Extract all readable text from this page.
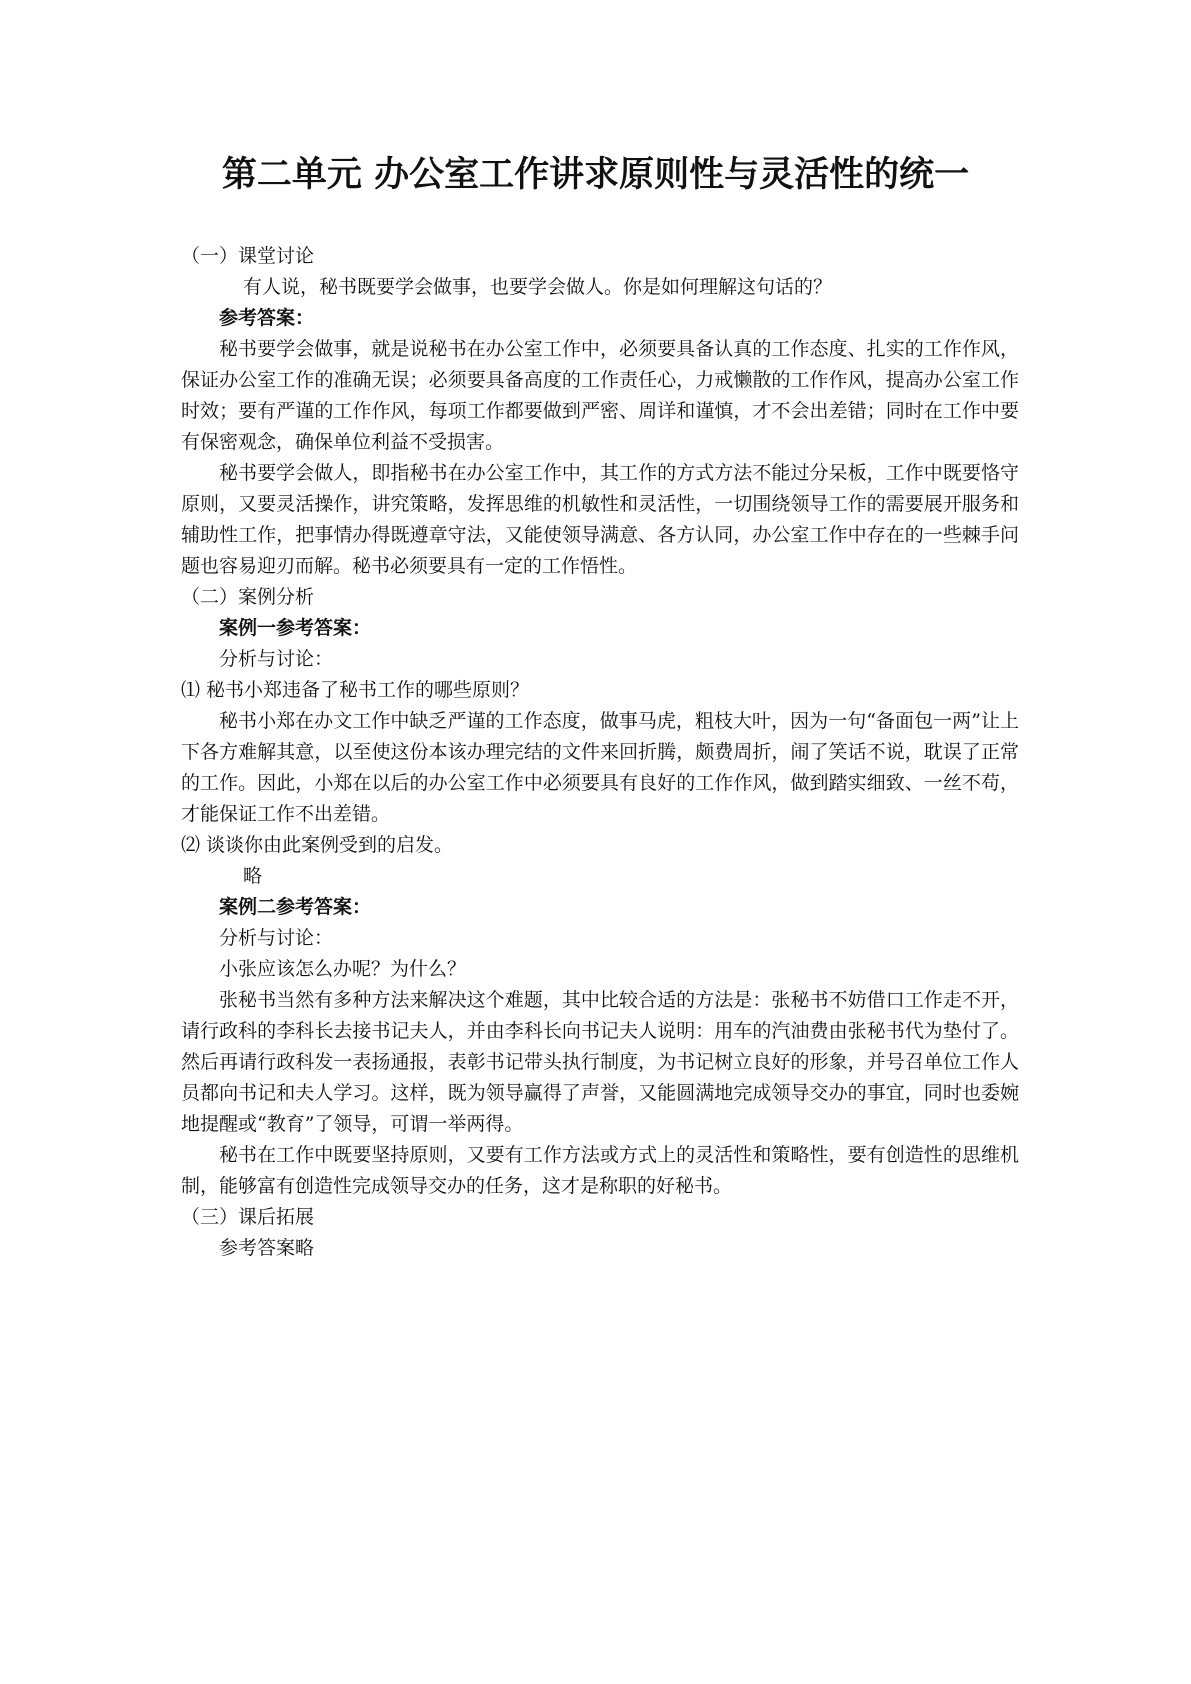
第二单元 办公室工作讲求原则性与灵活性的统一

（一）课堂讨论

有人说，秘书既要学会做事，也要学会做人。你是如何理解这句话的？

参考答案：

秘书要学会做事，就是说秘书在办公室工作中，必须要具备认真的工作态度、扎实的工作作风，保证办公室工作的准确无误；必须要具备高度的工作责任心，力戒懒散的工作作风，提高办公室工作时效；要有严谨的工作作风，每项工作都要做到严密、周详和谨慎，才不会出差错；同时在工作中要有保密观念，确保单位利益不受损害。

秘书要学会做人，即指秘书在办公室工作中，其工作的方式方法不能过分呆板，工作中既要恪守原则，又要灵活操作，讲究策略，发挥思维的机敏性和灵活性，一切围绕领导工作的需要展开服务和辅助性工作，把事情办得既遵章守法，又能使领导满意、各方认同，办公室工作中存在的一些棘手问题也容易迎刃而解。秘书必须要具有一定的工作悟性。

（二）案例分析

案例一参考答案：

分析与讨论：

⑴ 秘书小郑违备了秘书工作的哪些原则？

秘书小郑在办文工作中缺乏严谨的工作态度，做事马虎，粗枝大叶，因为一句“备面包一两”让上下各方难解其意，以至使这份本该办理完结的文件来回折腾，颇费周折，闹了笑话不说，耽误了正常的工作。因此，小郑在以后的办公室工作中必须要具有良好的工作作风，做到踏实细致、一丝不苟，才能保证工作不出差错。

⑵ 谈谈你由此案例受到的启发。

略

案例二参考答案：

分析与讨论：

小张应该怎么办呢？为什么？

张秘书当然有多种方法来解决这个难题，其中比较合适的方法是：张秘书不妨借口工作走不开，请行政科的李科长去接书记夫人，并由李科长向书记夫人说明：用车的汽油费由张秘书代为垫付了。然后再请行政科发一表扬通报，表彰书记带头执行制度，为书记树立良好的形象，并号召单位工作人员都向书记和夫人学习。这样，既为领导赢得了声誉，又能圆满地完成领导交办的事宜，同时也委婉地提醒或“教育”了领导，可谓一举两得。

秘书在工作中既要坚持原则，又要有工作方法或方式上的灵活性和策略性，要有创造性的思维机制，能够富有创造性完成领导交办的任务，这才是称职的好秘书。

（三）课后拓展

参考答案略
